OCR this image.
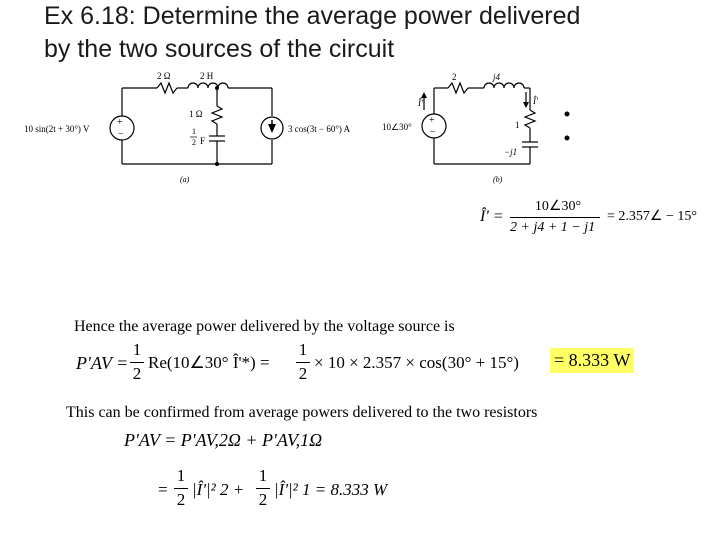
Ex 6.18: Determine the average power delivered
by the two sources of the circuit
+
−
2 Ω	2 H
1 Ω
1
2 F
10 sin(2t + 30°) V	3 cos(3t − 60°) A
(a)
+
−
2	j4
1
−j1
10∠30°
Î'	Î'
(b)
Î' =
10∠30°
2 + j4 + 1 − j1
= 2.357∠ − 15°
Hence the average power delivered by the voltage source is
P'AV =
1
2
Re(10∠30° Î'*) =
1
2
× 10 × 2.357 × cos(30° + 15°) = 8.333 W
This can be confirmed from average powers delivered to the two resistors
P'AV = P'AV,2Ω + P'AV,1Ω
=
1
2
|Î'|² 2 +
1
2
|Î'|² 1 = 8.333 W
